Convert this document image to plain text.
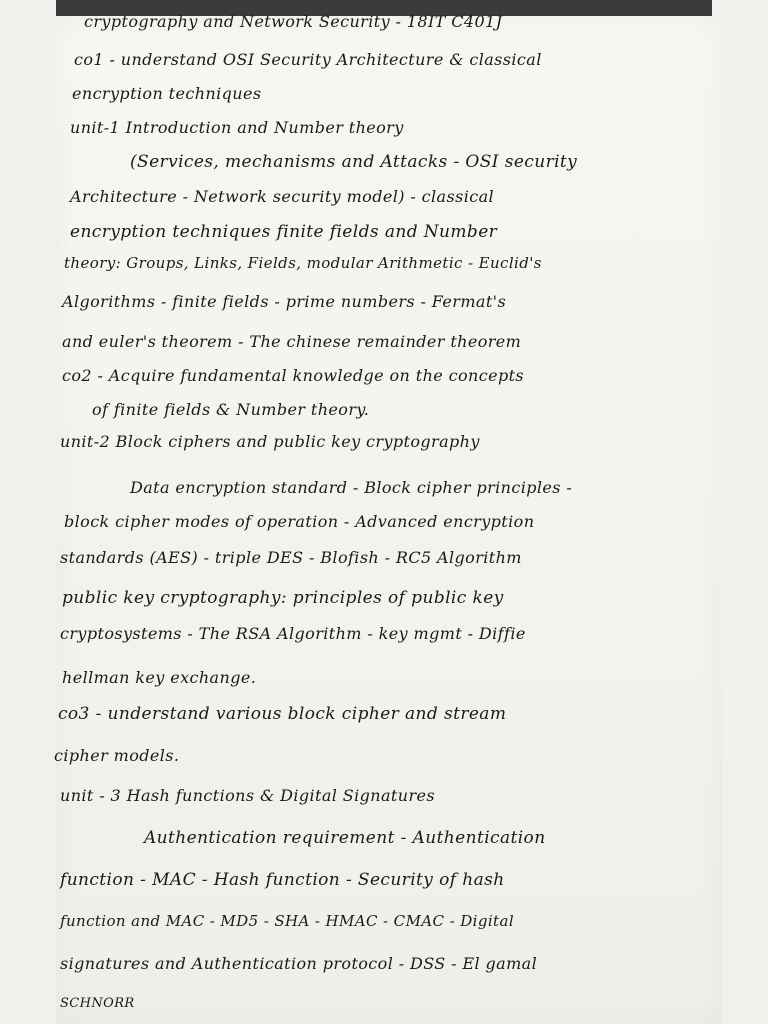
cryptography and Network Security - 18IT C401J

co1 - understand OSI Security Architecture & classical

encryption techniques

unit-1 Introduction and Number theory

(Services, mechanisms and Attacks - OSI security

Architecture - Network security model) - classical

encryption techniques finite fields and Number

theory: Groups, Links, Fields, modular Arithmetic - Euclid's

Algorithms - finite fields - prime numbers - Fermat's

and euler's theorem - The chinese remainder theorem

co2 - Acquire fundamental knowledge on the concepts

of finite fields & Number theory.

unit-2 Block ciphers and public key cryptography

Data encryption standard - Block cipher principles -

block cipher modes of operation - Advanced encryption

standards (AES) - triple DES - Blofish - RC5 Algorithm

public key cryptography: principles of public key

cryptosystems - The RSA Algorithm - key mgmt - Diffie

hellman key exchange.

co3 - understand various block cipher and stream

cipher models.

unit - 3 Hash functions & Digital Signatures

Authentication requirement - Authentication

function - MAC - Hash function - Security of hash

function and MAC - MD5 - SHA - HMAC - CMAC - Digital

signatures and Authentication protocol - DSS - El gamal

SCHNORR
